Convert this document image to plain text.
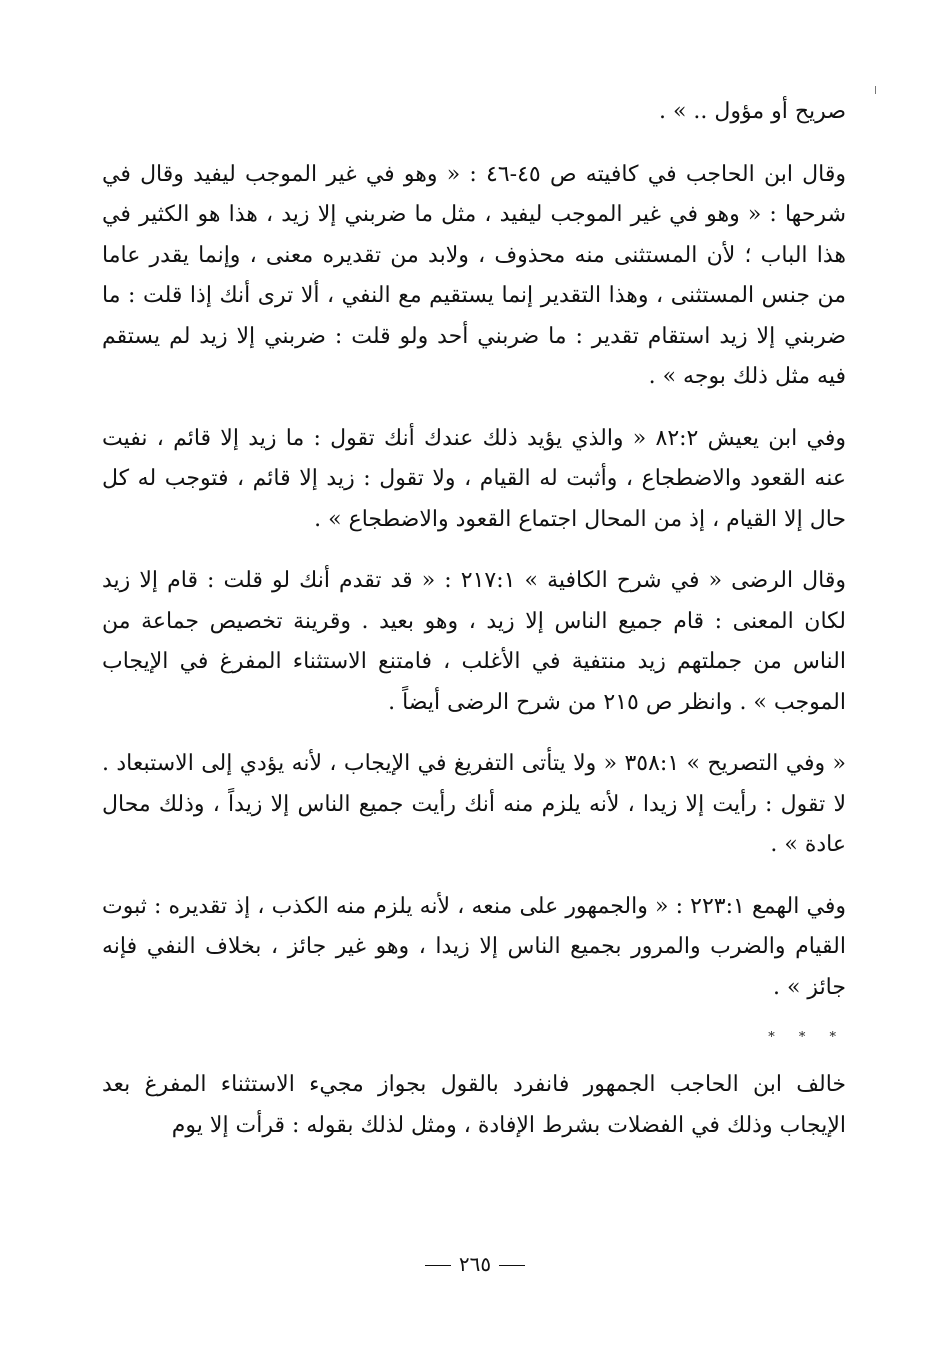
صريح أو مؤول .. » .

وقال ابن الحاجب في كافيته ص ٤٥-٤٦ : « وهو في غير الموجب ليفيد وقال في شرحها : « وهو في غير الموجب ليفيد ، مثل ما ضربني إلا زيد ، هذا هو الكثير في هذا الباب ؛ لأن المستثنى منه محذوف ، ولابد من تقديره معنى ، وإنما يقدر عاما من جنس المستثنى ، وهذا التقدير إنما يستقيم مع النفي ، ألا ترى أنك إذا قلت : ما ضربني إلا زيد استقام تقدير : ما ضربني أحد ولو قلت : ضربني إلا زيد لم يستقم فيه مثل ذلك بوجه » .

وفي ابن يعيش ٨٢:٢ « والذي يؤيد ذلك عندك أنك تقول : ما زيد إلا قائم ، نفيت عنه القعود والاضطجاع ، وأثبت له القيام ، ولا تقول : زيد إلا قائم ، فتوجب له كل حال إلا القيام ، إذ من المحال اجتماع القعود والاضطجاع » .

وقال الرضى « في شرح الكافية » ٢١٧:١ : « قد تقدم أنك لو قلت : قام إلا زيد لكان المعنى : قام جميع الناس إلا زيد ، وهو بعيد . وقرينة تخصيص جماعة من الناس من جملتهم زيد منتفية في الأغلب ، فامتنع الاستثناء المفرغ في الإيجاب الموجب » . وانظر ص ٢١٥ من شرح الرضى أيضاً .

« وفي التصريح » ٣٥٨:١ « ولا يتأتى التفريغ في الإيجاب ، لأنه يؤدي إلى الاستبعاد . لا تقول : رأيت إلا زيدا ، لأنه يلزم منه أنك رأيت جميع الناس إلا زيداً ، وذلك محال عادة » .

وفي الهمع ٢٢٣:١ : « والجمهور على منعه ، لأنه يلزم منه الكذب ، إذ تقديره : ثبوت القيام والضرب والمرور بجميع الناس إلا زيدا ، وهو غير جائز ، بخلاف النفي فإنه جائز » .

* * *

خالف ابن الحاجب الجمهور فانفرد بالقول بجواز مجيء الاستثناء المفرغ بعد الإيجاب وذلك في الفضلات بشرط الإفادة ، ومثل لذلك بقوله : قرأت إلا يوم

٢٦٥
